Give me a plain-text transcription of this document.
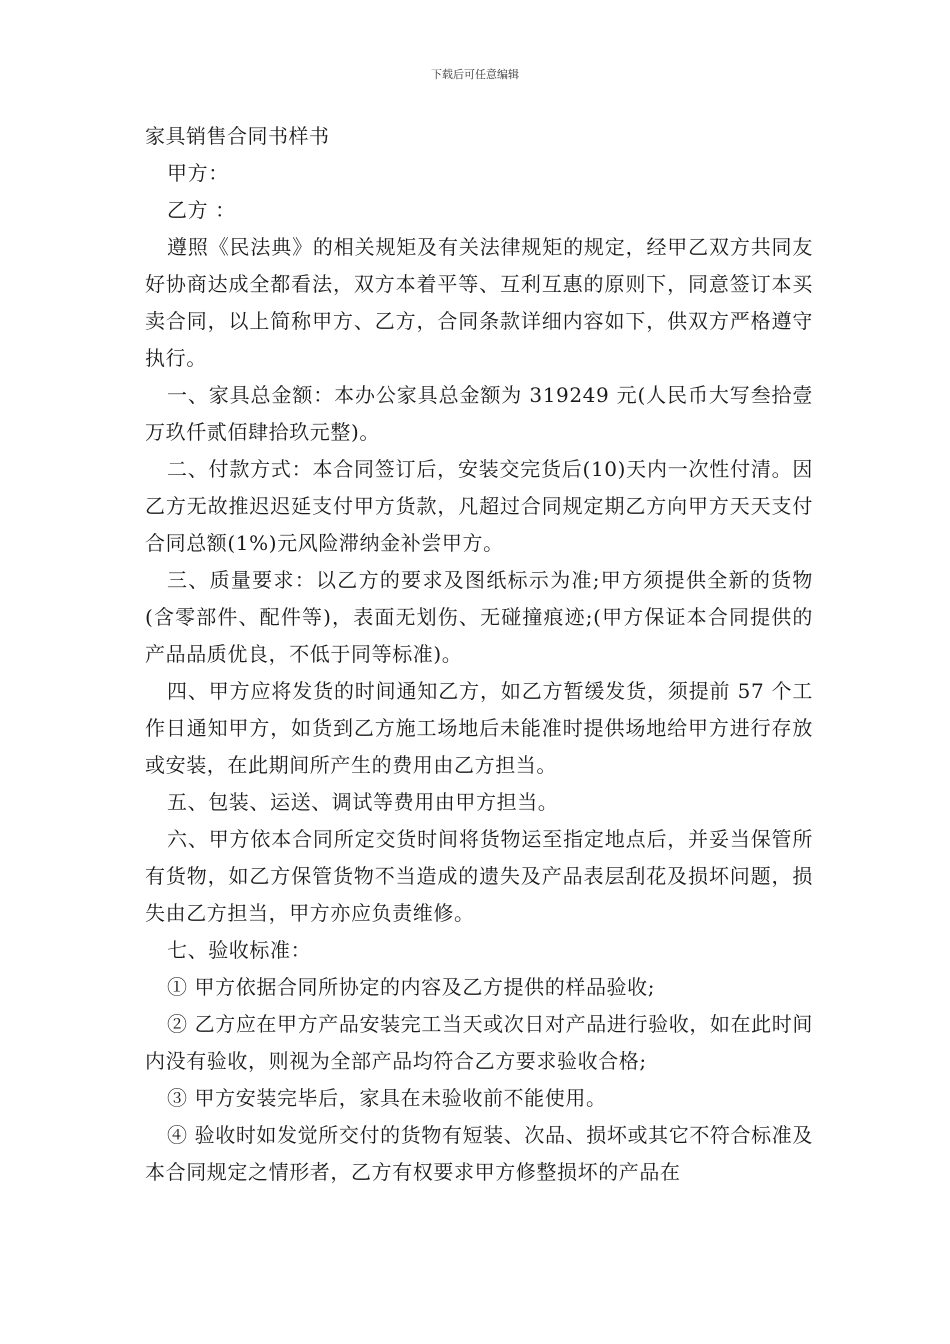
下载后可任意编辑
家具销售合同书样书

甲方：

乙方 ：

遵照《民法典》的相关规矩及有关法律规矩的规定，经甲乙双方共同友好协商达成全都看法，双方本着平等、互利互惠的原则下，同意签订本买卖合同，以上简称甲方、乙方，合同条款详细内容如下，供双方严格遵守执行。

一、家具总金额：本办公家具总金额为 319249 元(人民币大写叁拾壹万玖仟贰佰肆拾玖元整)。

二、付款方式：本合同签订后，安装交完货后(10)天内一次性付清。因乙方无故推迟迟延支付甲方货款，凡超过合同规定期乙方向甲方天天支付合同总额(1%)元风险滞纳金补尝甲方。

三、质量要求：以乙方的要求及图纸标示为准;甲方须提供全新的货物(含零部件、配件等)，表面无划伤、无碰撞痕迹;(甲方保证本合同提供的产品品质优良，不低于同等标准)。

四、甲方应将发货的时间通知乙方，如乙方暂缓发货，须提前 57 个工作日通知甲方，如货到乙方施工场地后未能准时提供场地给甲方进行存放或安装，在此期间所产生的费用由乙方担当。

五、包装、运送、调试等费用由甲方担当。

六、甲方依本合同所定交货时间将货物运至指定地点后，并妥当保管所有货物，如乙方保管货物不当造成的遗失及产品表层刮花及损坏问题，损失由乙方担当，甲方亦应负责维修。

七、验收标准：

① 甲方依据合同所协定的内容及乙方提供的样品验收;

② 乙方应在甲方产品安装完工当天或次日对产品进行验收，如在此时间内没有验收，则视为全部产品均符合乙方要求验收合格;

③ 甲方安装完毕后，家具在未验收前不能使用。

④ 验收时如发觉所交付的货物有短装、次品、损坏或其它不符合标准及本合同规定之情形者，乙方有权要求甲方修整损坏的产品在
